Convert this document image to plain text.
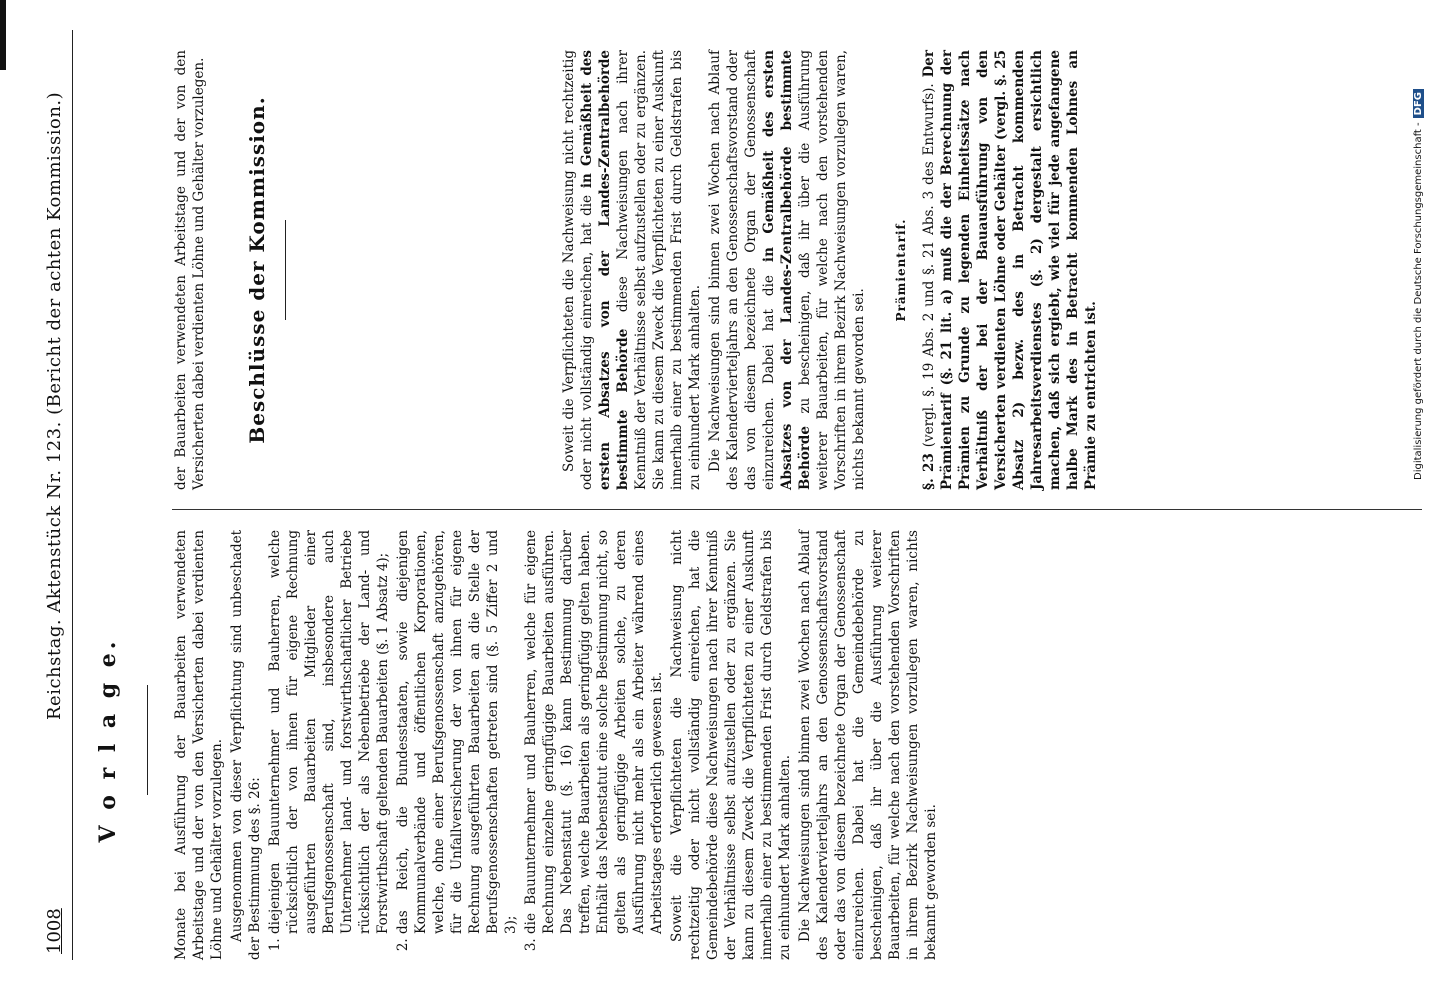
1008
Reichstag. Aktenstück Nr. 123. (Bericht der achten Kommission.)
V o r l a g e.	Monate bei Ausführung der Bauarbeiten verwendeten Arbeitstage und der von den Versicherten dabei verdienten Löhne und Gehälter vorzulegen. Ausgenommen von dieser Verpflichtung sind unbeschadet der Bestimmung des §. 26: 1. diejenigen Bauunternehmer und Bauherren, welche rücksichtlich der von ihnen für eigene Rechnung ausgeführten Bauarbeiten Mitglieder einer Berufsgenossenschaft sind, insbesondere auch Unternehmer land- und forstwirthschaftlicher Betriebe rücksichtlich der als Nebenbetriebe der Land- und Forstwirthschaft geltenden Bauarbeiten (§. 1 Absatz 4); 2. das Reich, die Bundesstaaten, sowie diejenigen Kommunalverbände und öffentlichen Korporationen, welche, ohne einer Berufsgenossenschaft anzugehören, für die Unfallversicherung der von ihnen für eigene Rechnung ausgeführten Bauarbeiten an die Stelle der Berufsgenossenschaften getreten sind (§. 5 Ziffer 2 und 3); 3. die Bauunternehmer und Bauherren, welche für eigene Rechnung einzelne geringfügige Bauarbeiten ausführen. Das Nebenstatut (§. 16) kann Bestimmung darüber treffen, welche Bauarbeiten als geringfügig gelten haben. Enthält das Nebenstatut eine solche Bestimmung nicht, so gelten als geringfügige Arbeiten solche, zu deren Ausführung nicht mehr als ein Arbeiter während eines Arbeitstages erforderlich gewesen ist. Soweit die Verpflichteten die Nachweisung nicht rechtzeitig oder nicht vollständig einreichen, hat die Gemeindebehörde diese Nachweisungen nach ihrer Kenntniß der Verhältnisse selbst aufzustellen oder zu ergänzen. Sie kann zu diesem Zweck die Verpflichteten zu einer Auskunft innerhalb einer zu bestimmenden Frist durch Geldstrafen bis zu einhundert Mark anhalten. Die Nachweisungen sind binnen zwei Wochen nach Ablauf des Kalendervierteljahrs an den Genossenschaftsvorstand oder das von diesem bezeichnete Organ der Genossenschaft einzureichen. Dabei hat die Gemeindebehörde zu bescheinigen, daß ihr über die Ausführung weiterer Bauarbeiten, für welche nach den vorstehenden Vorschriften in ihrem Bezirk Nachweisungen vorzulegen waren, nichts bekannt geworden sei.

der Bauarbeiten verwendeten Arbeitstage und der von den Versicherten dabei verdienten Löhne und Gehälter vorzulegen. Beschlüsse der Kommission.	Soweit die Verpflichteten die Nachweisung nicht rechtzeitig oder nicht vollständig einreichen, hat die in Gemäßheit des ersten Absatzes von der Landes-Zentralbehörde bestimmte Behörde diese Nachweisungen nach ihrer Kenntniß der Verhältnisse selbst aufzustellen oder zu ergänzen. Sie kann zu diesem Zweck die Verpflichteten zu einer Auskunft innerhalb einer zu bestimmenden Frist durch Geldstrafen bis zu einhundert Mark anhalten. Die Nachweisungen sind binnen zwei Wochen nach Ablauf des Kalendervierteljahrs an den Genossenschaftsvorstand oder das von diesem bezeichnete Organ der Genossenschaft einzureichen. Dabei hat die in Gemäßheit des ersten Absatzes von der Landes-Zentralbehörde bestimmte Behörde zu bescheinigen, daß ihr über die Ausführung weiterer Bauarbeiten, für welche nach den vorstehenden Vorschriften in ihrem Bezirk Nachweisungen vorzulegen waren, nichts bekannt geworden sei.

Prämientarif.

§. 23 (vergl. §. 19 Abs. 2 und §. 21 Abs. 3 des Entwurfs). Der Prämientarif (§. 21 lit. a) muß die der Berechnung der Prämien zu Grunde zu legenden Einheitssätze nach Verhältniß der bei der Bauausführung von den Versicherten verdienten Löhne oder Gehälter (vergl. §. 25 Absatz 2) bezw. des in Betracht kommenden Jahresarbeitsverdienstes (§. 2) dergestalt ersichtlich machen, daß sich ergiebt, wie viel für jede angefangene halbe Mark des in Betracht kommenden Lohnes an Prämie zu entrichten ist.	Digitalisierung gefördert durch die Deutsche Forschungsgemeinschaft -DFG
